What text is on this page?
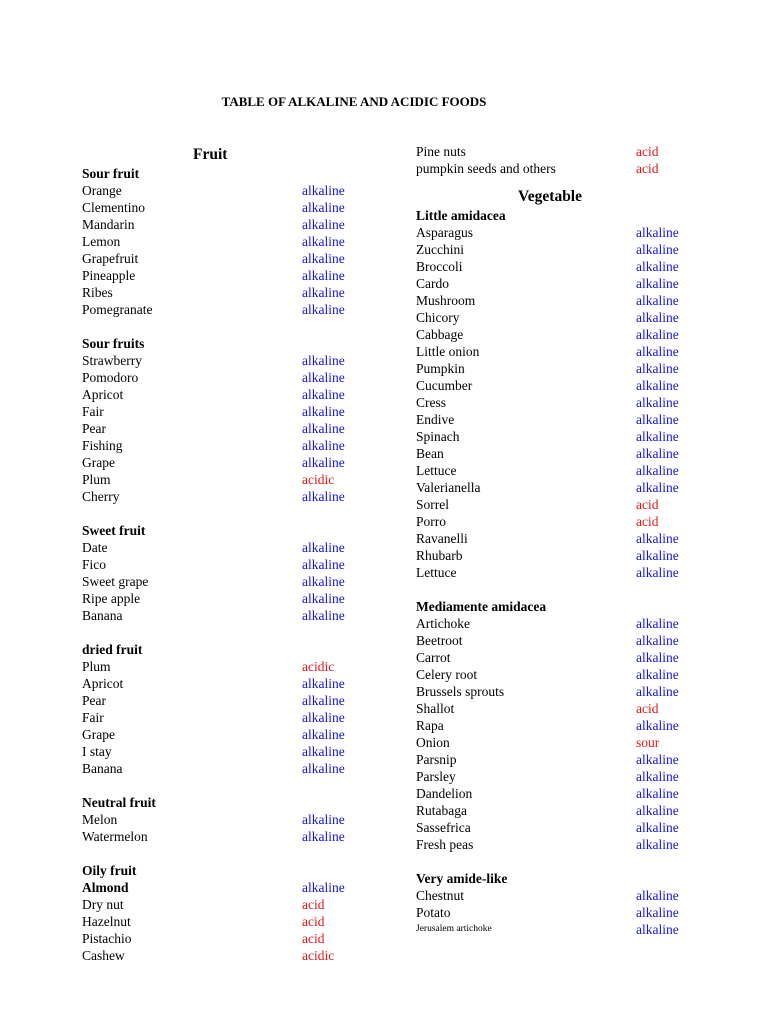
TABLE OF ALKALINE AND ACIDIC FOODS
Fruit
Sour fruit
Orange	alkaline
Clementino	alkaline
Mandarin	alkaline
Lemon	alkaline
Grapefruit	alkaline
Pineapple	alkaline
Ribes	alkaline
Pomegranate	alkaline
Sour fruits
Strawberry	alkaline
Pomodoro	alkaline
Apricot	alkaline
Fair	alkaline
Pear	alkaline
Fishing	alkaline
Grape	alkaline
Plum	acidic
Cherry	alkaline
Sweet fruit
Date	alkaline
Fico	alkaline
Sweet grape	alkaline
Ripe apple	alkaline
Banana	alkaline
dried fruit
Plum	acidic
Apricot	alkaline
Pear	alkaline
Fair	alkaline
Grape	alkaline
I stay	alkaline
Banana	alkaline
Neutral fruit
Melon	alkaline
Watermelon	alkaline
Oily fruit
Almond	alkaline
Dry nut	acid
Hazelnut	acid
Pistachio	acid
Cashew	acidic
Pine nuts	acid
pumpkin seeds and others	acid
Vegetable
Little amidacea
Asparagus	alkaline
Zucchini	alkaline
Broccoli	alkaline
Cardo	alkaline
Mushroom	alkaline
Chicory	alkaline
Cabbage	alkaline
Little onion	alkaline
Pumpkin	alkaline
Cucumber	alkaline
Cress	alkaline
Endive	alkaline
Spinach	alkaline
Bean	alkaline
Lettuce	alkaline
Valerianella	alkaline
Sorrel	acid
Porro	acid
Ravanelli	alkaline
Rhubarb	alkaline
Lettuce	alkaline
Mediamente amidacea
Artichoke	alkaline
Beetroot	alkaline
Carrot	alkaline
Celery root	alkaline
Brussels sprouts	alkaline
Shallot	acid
Rapa	alkaline
Onion	sour
Parsnip	alkaline
Parsley	alkaline
Dandelion	alkaline
Rutabaga	alkaline
Sassefrica	alkaline
Fresh peas	alkaline
Very amide-like
Chestnut	alkaline
Potato	alkaline
Jerusalem artichoke	alkaline
